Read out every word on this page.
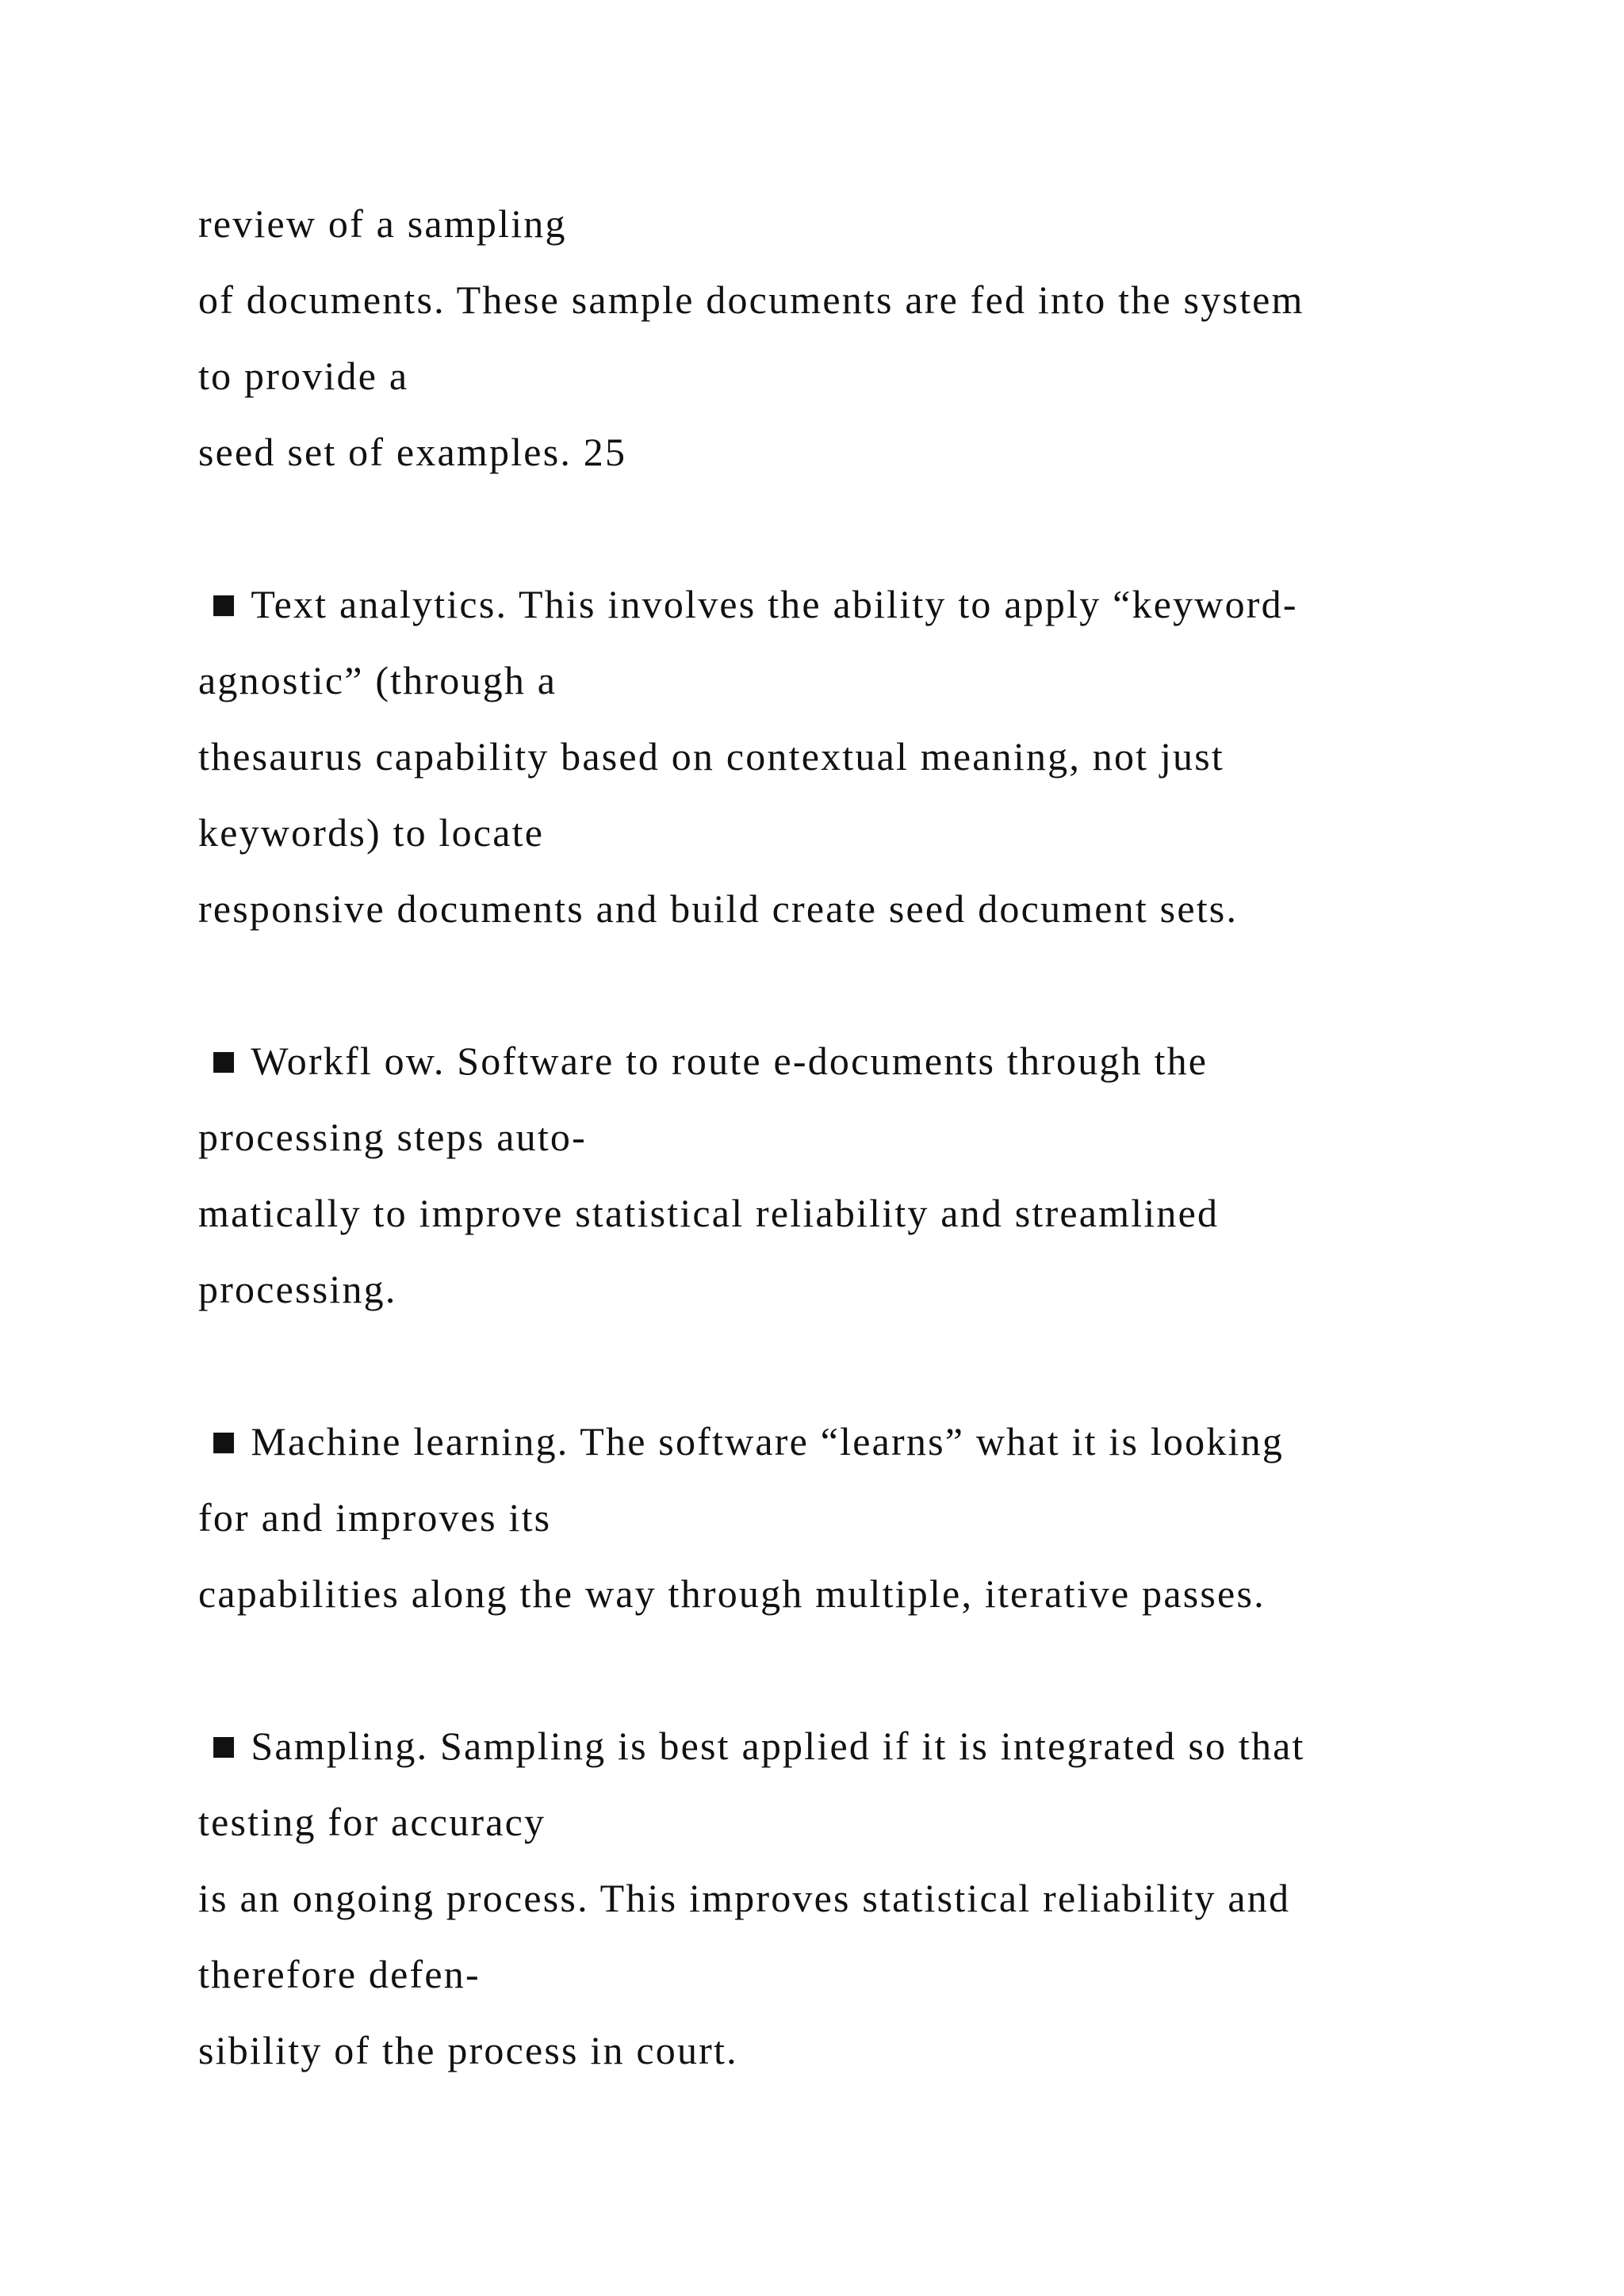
review of a sampling
of documents. These sample documents are fed into the system
to provide a
seed set of examples. 25
■ Text analytics. This involves the ability to apply “keyword-
agnostic” (through a
thesaurus capability based on contextual meaning, not just
keywords) to locate
responsive documents and build create seed document sets.
■ Workfl ow. Software to route e-documents through the
processing steps auto-
matically to improve statistical reliability and streamlined
processing.
■ Machine learning. The software “learns” what it is looking
for and improves its
capabilities along the way through multiple, iterative passes.
■ Sampling. Sampling is best applied if it is integrated so that
testing for accuracy
is an ongoing process. This improves statistical reliability and
therefore defen-
sibility of the process in court.
